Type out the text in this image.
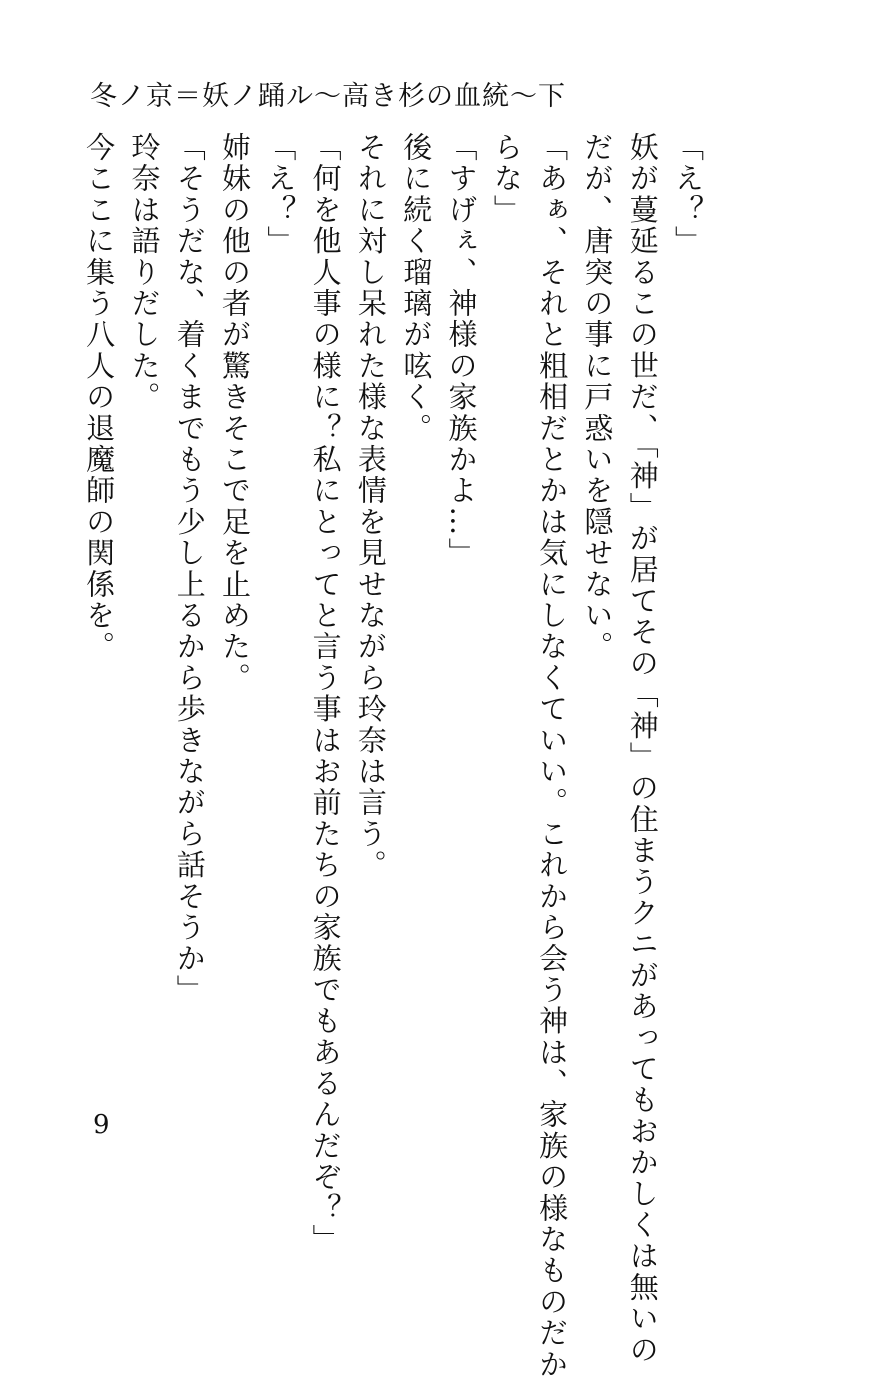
冬ノ京＝妖ノ踊ル〜高き杉の血統〜下
「え？」
妖が蔓延るこの世だ、「神」が居てその「神」の住まうクニがあってもおかしくは無いの
だが、唐突の事に戸惑いを隠せない。
「あぁ、それと粗相だとかは気にしなくていい。これから会う神は、家族の様なものだか
らな」
「すげぇ、神様の家族かよ…」
後に続く瑠璃が呟く。
それに対し呆れた様な表情を見せながら玲奈は言う。
「何を他人事の様に？私にとってと言う事はお前たちの家族でもあるんだぞ？」
「え？」
姉妹の他の者が驚きそこで足を止めた。
「そうだな、着くまでもう少し上るから歩きながら話そうか」
玲奈は語りだした。
今ここに集う八人の退魔師の関係を。
9
